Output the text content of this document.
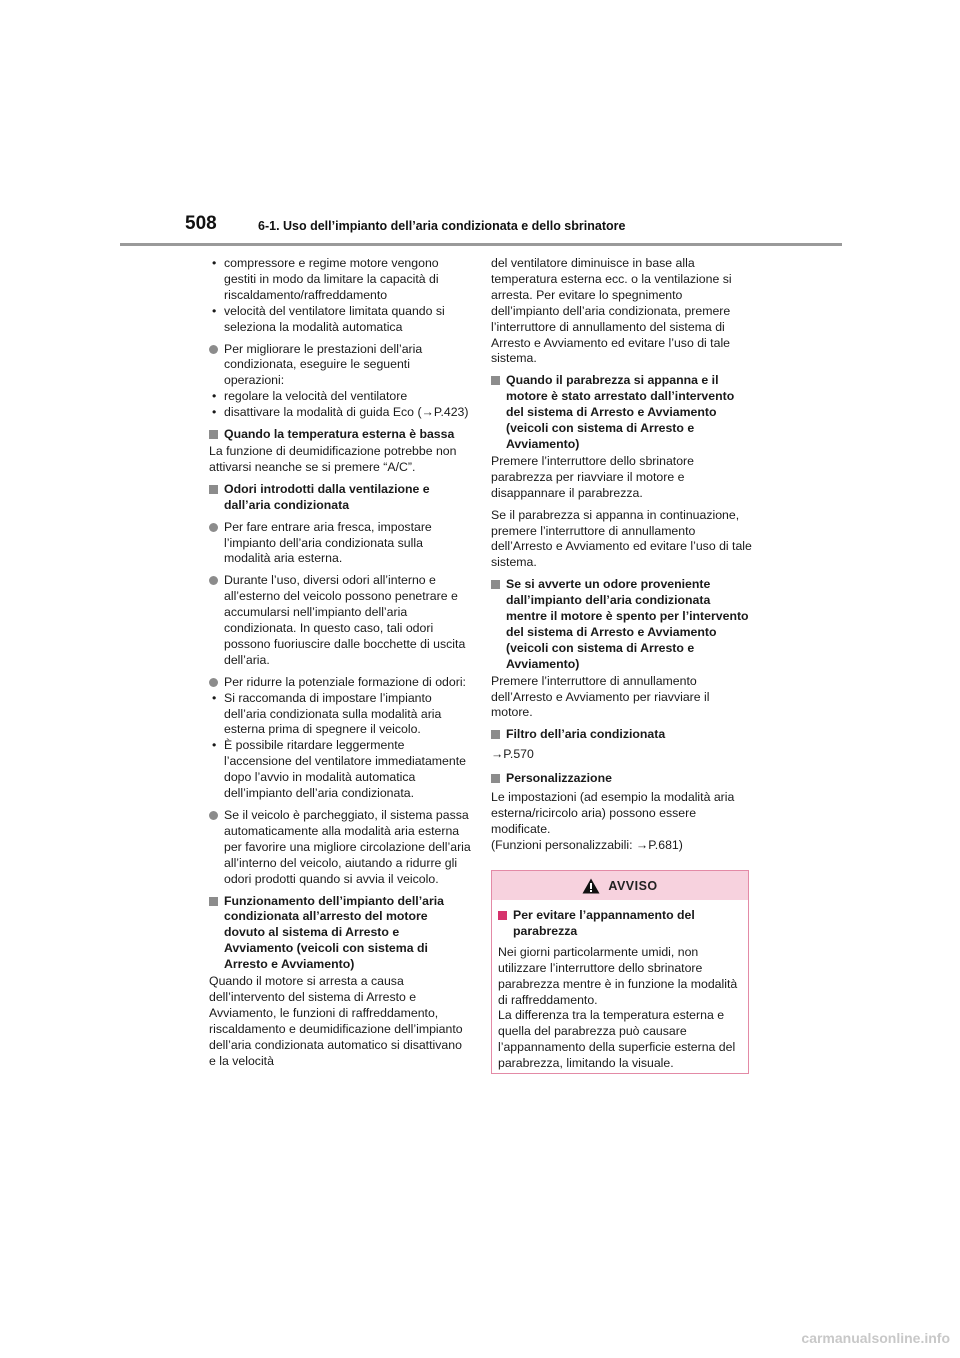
508	6-1. Uso dell’impianto dell’aria condizionata e dello sbrinatore
• compressore e regime motore vengono gestiti in modo da limitare la capacità di riscaldamento/raffreddamento
• velocità del ventilatore limitata quando si seleziona la modalità automatica
Per migliorare le prestazioni dell’aria condizionata, eseguire le seguenti operazioni:
• regolare la velocità del ventilatore
• disattivare la modalità di guida Eco (→P.423)
Quando la temperatura esterna è bassa
La funzione di deumidificazione potrebbe non attivarsi neanche se si premere “A/C”.
Odori introdotti dalla ventilazione e dall’aria condizionata
Per fare entrare aria fresca, impostare l’impianto dell’aria condizionata sulla modalità aria esterna.
Durante l’uso, diversi odori all’interno e all’esterno del veicolo possono penetrare e accumularsi nell’impianto dell’aria condizionata. In questo caso, tali odori possono fuoriuscire dalle bocchette di uscita dell’aria.
Per ridurre la potenziale formazione di odori:
• Si raccomanda di impostare l’impianto dell’aria condizionata sulla modalità aria esterna prima di spegnere il veicolo.
• È possibile ritardare leggermente l’accensione del ventilatore immediatamente dopo l’avvio in modalità automatica dell’impianto dell’aria condizionata.
Se il veicolo è parcheggiato, il sistema passa automaticamente alla modalità aria esterna per favorire una migliore circolazione dell’aria all’interno del veicolo, aiutando a ridurre gli odori prodotti quando si avvia il veicolo.
Funzionamento dell’impianto dell’aria condizionata all’arresto del motore dovuto al sistema di Arresto e Avviamento (veicoli con sistema di Arresto e Avviamento)
Quando il motore si arresta a causa dell’intervento del sistema di Arresto e Avviamento, le funzioni di raffreddamento, riscaldamento e deumidificazione dell’impianto dell’aria condizionata automatico si disattivano e la velocità
del ventilatore diminuisce in base alla temperatura esterna ecc. o la ventilazione si arresta. Per evitare lo spegnimento dell’impianto dell’aria condizionata, premere l’interruttore di annullamento del sistema di Arresto e Avviamento ed evitare l’uso di tale sistema.
Quando il parabrezza si appanna e il motore è stato arrestato dall’intervento del sistema di Arresto e Avviamento (veicoli con sistema di Arresto e Avviamento)
Premere l’interruttore dello sbrinatore parabrezza per riavviare il motore e disappannare il parabrezza.
Se il parabrezza si appanna in continuazione, premere l’interruttore di annullamento dell’Arresto e Avviamento ed evitare l’uso di tale sistema.
Se si avverte un odore proveniente dall’impianto dell’aria condizionata mentre il motore è spento per l’intervento del sistema di Arresto e Avviamento (veicoli con sistema di Arresto e Avviamento)
Premere l’interruttore di annullamento dell’Arresto e Avviamento per riavviare il motore.
Filtro dell’aria condizionata
→P.570
Personalizzazione
Le impostazioni (ad esempio la modalità aria esterna/ricircolo aria) possono essere modificate.
(Funzioni personalizzabili: →P.681)
AVVISO
Per evitare l’appannamento del parabrezza
Nei giorni particolarmente umidi, non utilizzare l’interruttore dello sbrinatore parabrezza mentre è in funzione la modalità di raffreddamento.
La differenza tra la temperatura esterna e quella del parabrezza può causare l’appannamento della superficie esterna del parabrezza, limitando la visuale.
carmanualsonline.info
